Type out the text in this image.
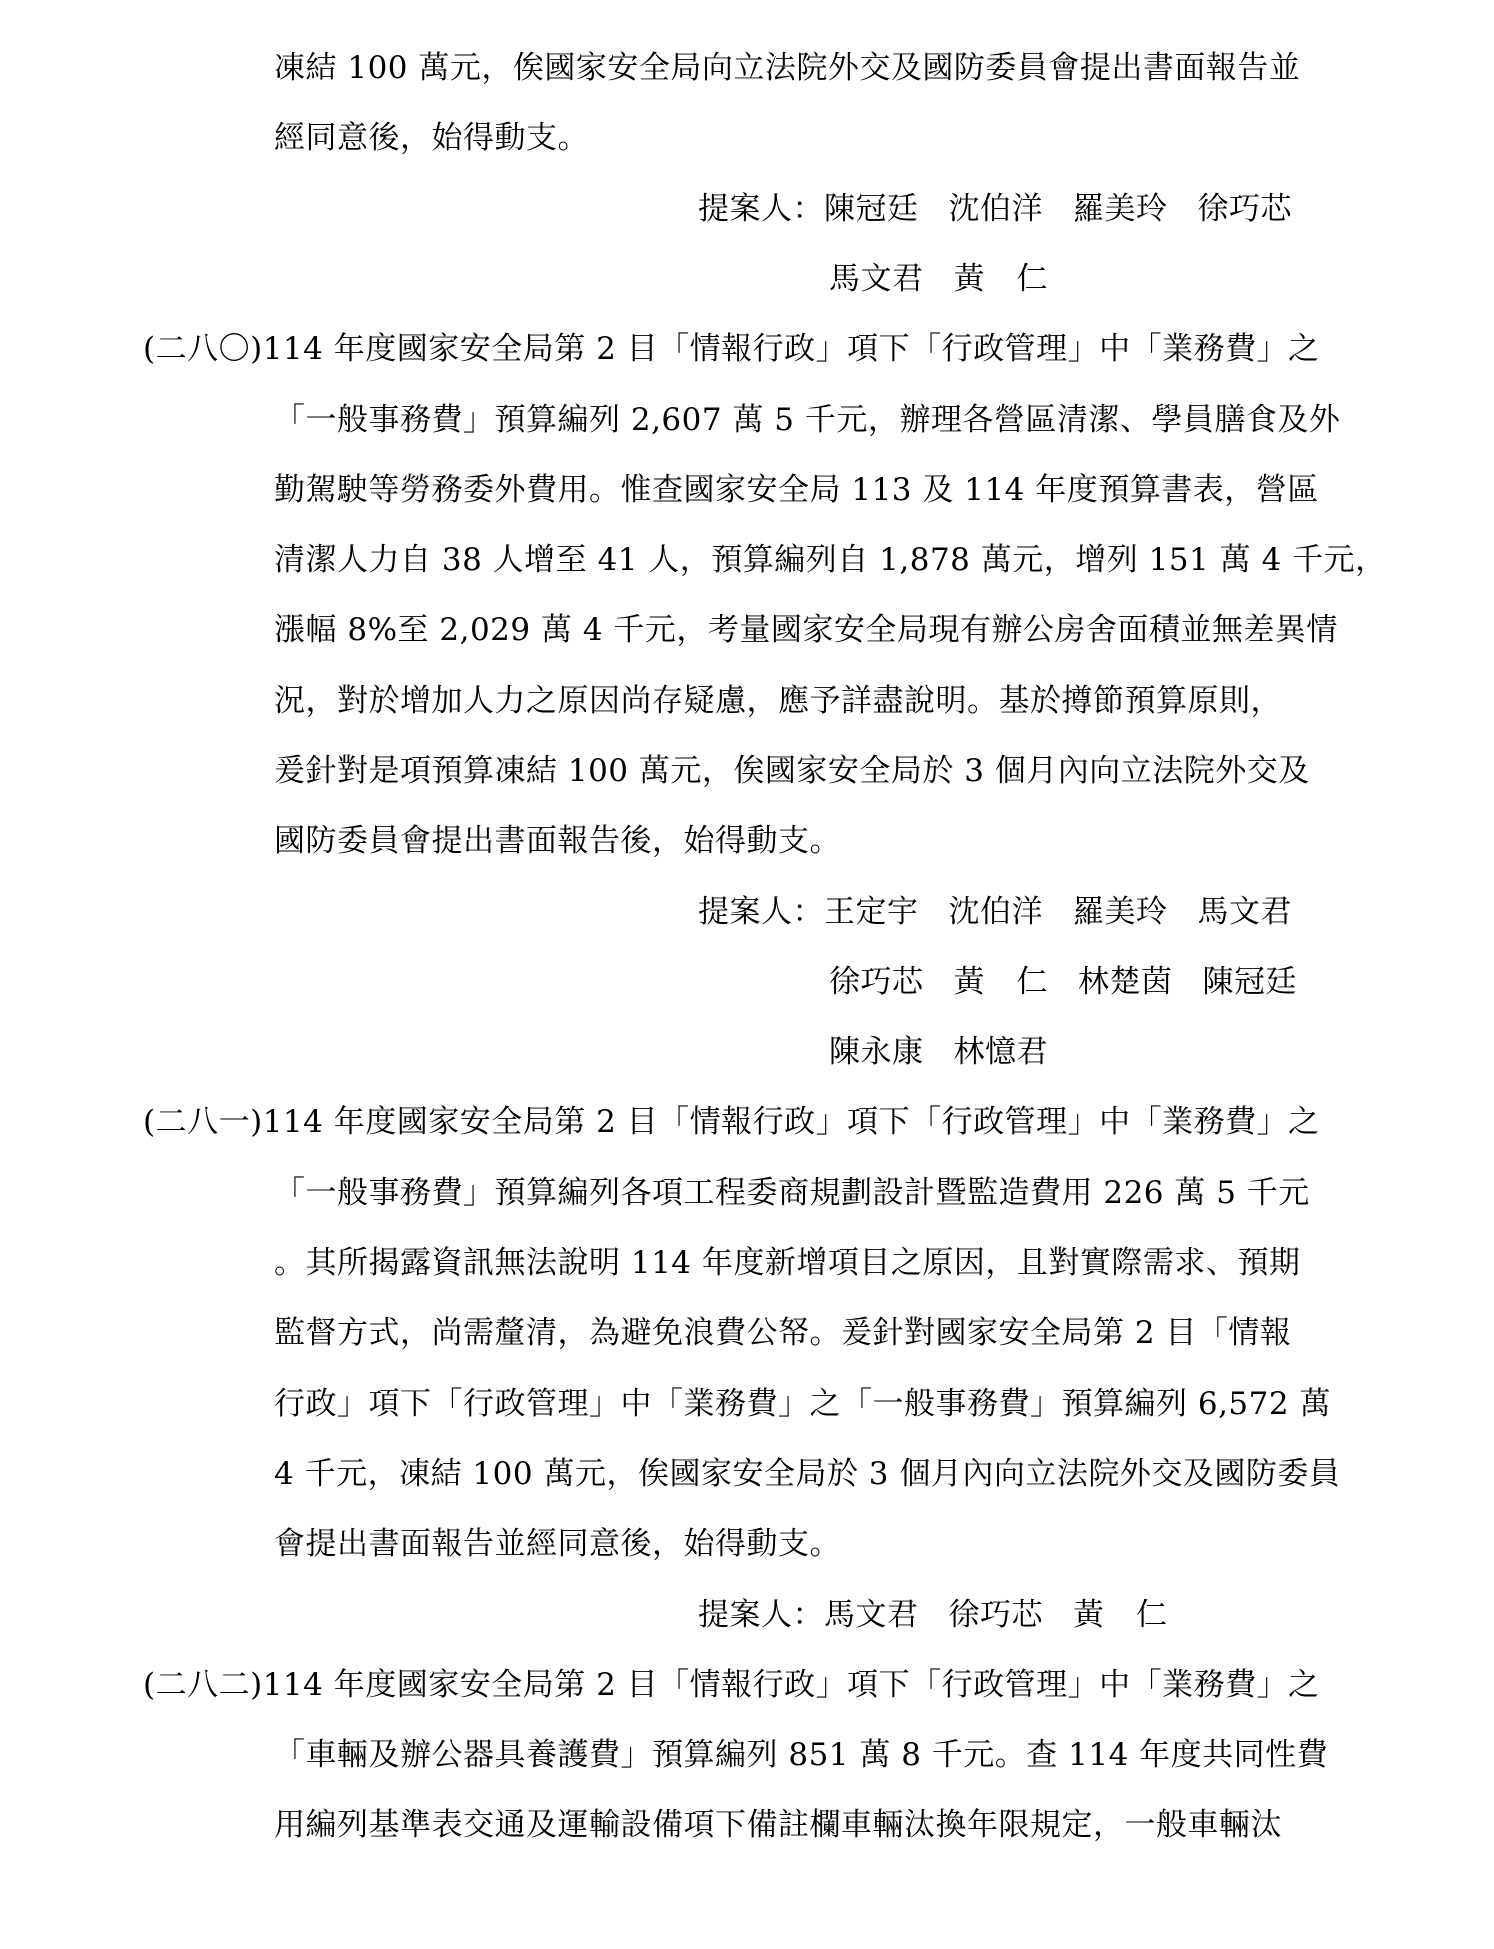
凍結 100 萬元，俟國家安全局向立法院外交及國防委員會提出書面報告並
經同意後，始得動支。
提案人：陳冠廷 沈伯洋 羅美玲 徐巧芯
馬文君 黃　仁
(二八〇)114 年度國家安全局第 2 目「情報行政」項下「行政管理」中「業務費」之
「一般事務費」預算編列 2,607 萬 5 千元，辦理各營區清潔、學員膳食及外
勤駕駛等勞務委外費用。惟查國家安全局 113 及 114 年度預算書表，營區
清潔人力自 38 人增至 41 人，預算編列自 1,878 萬元，增列 151 萬 4 千元，
漲幅 8%至 2,029 萬 4 千元，考量國家安全局現有辦公房舍面積並無差異情
況，對於增加人力之原因尚存疑慮，應予詳盡說明。基於撙節預算原則，
爰針對是項預算凍結 100 萬元，俟國家安全局於 3 個月內向立法院外交及
國防委員會提出書面報告後，始得動支。
提案人：王定宇 沈伯洋 羅美玲 馬文君
徐巧芯 黃　仁 林楚茵 陳冠廷
陳永康 林憶君
(二八一)114 年度國家安全局第 2 目「情報行政」項下「行政管理」中「業務費」之
「一般事務費」預算編列各項工程委商規劃設計暨監造費用 226 萬 5 千元
。其所揭露資訊無法說明 114 年度新增項目之原因，且對實際需求、預期
監督方式，尚需釐清，為避免浪費公帑。爰針對國家安全局第 2 目「情報
行政」項下「行政管理」中「業務費」之「一般事務費」預算編列 6,572 萬
4 千元，凍結 100 萬元，俟國家安全局於 3 個月內向立法院外交及國防委員
會提出書面報告並經同意後，始得動支。
提案人：馬文君 徐巧芯 黃　仁
(二八二)114 年度國家安全局第 2 目「情報行政」項下「行政管理」中「業務費」之
「車輛及辦公器具養護費」預算編列 851 萬 8 千元。查 114 年度共同性費
用編列基準表交通及運輸設備項下備註欄車輛汰換年限規定，一般車輛汰
